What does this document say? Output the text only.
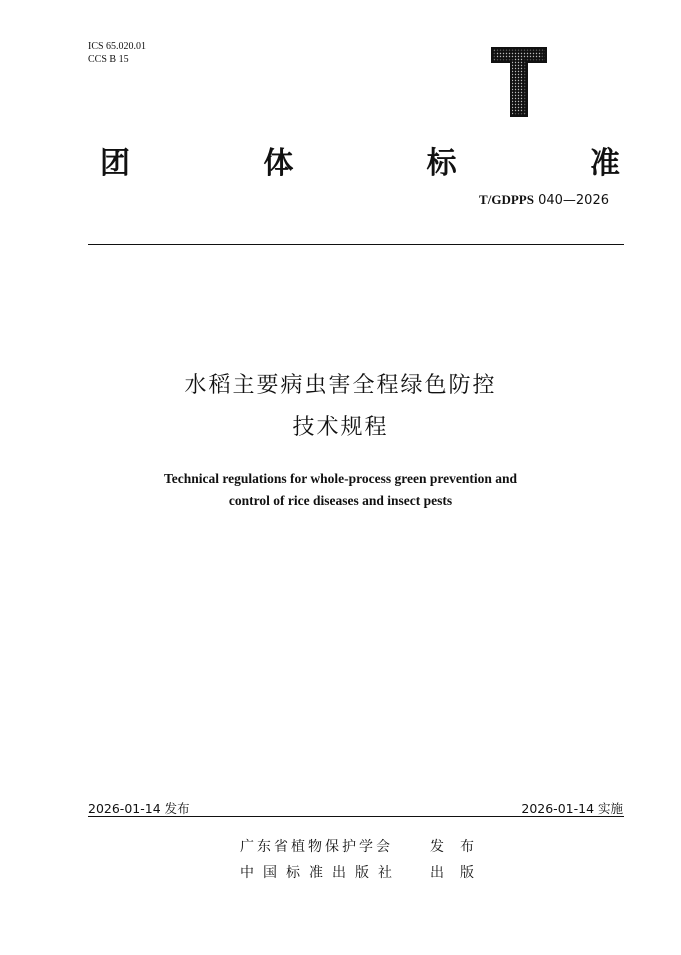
ICS 65.020.01
CCS B 15
团	体	标	准
T/GDPPS 040—2026
水稻主要病虫害全程绿色防控
技术规程
Technical regulations for whole-process green prevention and
control of rice diseases and insect pests
2026-01-14 发布	2026-01-14 实施
广东省植物保护学会	发布
中国标准出版社	出版
